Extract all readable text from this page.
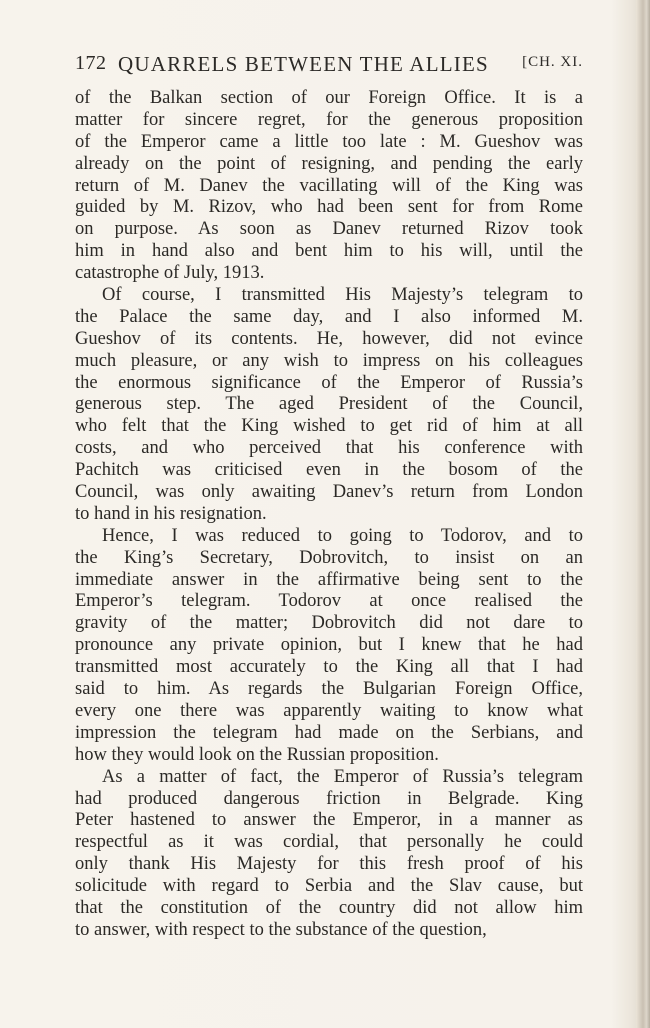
172 QUARRELS BETWEEN THE ALLIES [CH. XI.
of the Balkan section of our Foreign Office. It is a
matter for sincere regret, for the generous proposition
of the Emperor came a little too late : M. Gueshov was
already on the point of resigning, and pending the early
return of M. Danev the vacillating will of the King was
guided by M. Rizov, who had been sent for from Rome
on purpose. As soon as Danev returned Rizov took
him in hand also and bent him to his will, until the
catastrophe of July, 1913.
Of course, I transmitted His Majesty’s telegram to
the Palace the same day, and I also informed M.
Gueshov of its contents. He, however, did not evince
much pleasure, or any wish to impress on his colleagues
the enormous significance of the Emperor of Russia’s
generous step. The aged President of the Council,
who felt that the King wished to get rid of him at all
costs, and who perceived that his conference with
Pachitch was criticised even in the bosom of the
Council, was only awaiting Danev’s return from London
to hand in his resignation.
Hence, I was reduced to going to Todorov, and to
the King’s Secretary, Dobrovitch, to insist on an
immediate answer in the affirmative being sent to the
Emperor’s telegram. Todorov at once realised the
gravity of the matter; Dobrovitch did not dare to
pronounce any private opinion, but I knew that he had
transmitted most accurately to the King all that I had
said to him. As regards the Bulgarian Foreign Office,
every one there was apparently waiting to know what
impression the telegram had made on the Serbians, and
how they would look on the Russian proposition.
As a matter of fact, the Emperor of Russia’s telegram
had produced dangerous friction in Belgrade. King
Peter hastened to answer the Emperor, in a manner as
respectful as it was cordial, that personally he could
only thank His Majesty for this fresh proof of his
solicitude with regard to Serbia and the Slav cause, but
that the constitution of the country did not allow him
to answer, with respect to the substance of the question,
